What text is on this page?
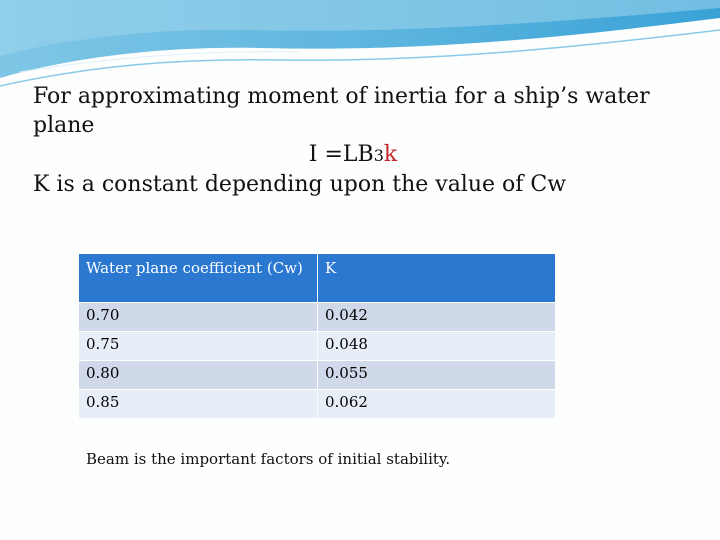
For approximating moment of inertia for a ship’s water
plane
I =LB3k
K is a constant depending upon the value of Cw
Water plane coefficient (Cw)	K
0.70	0.042
0.75	0.048
0.80	0.055
0.85	0.062
Beam is the important factors of initial stability.
